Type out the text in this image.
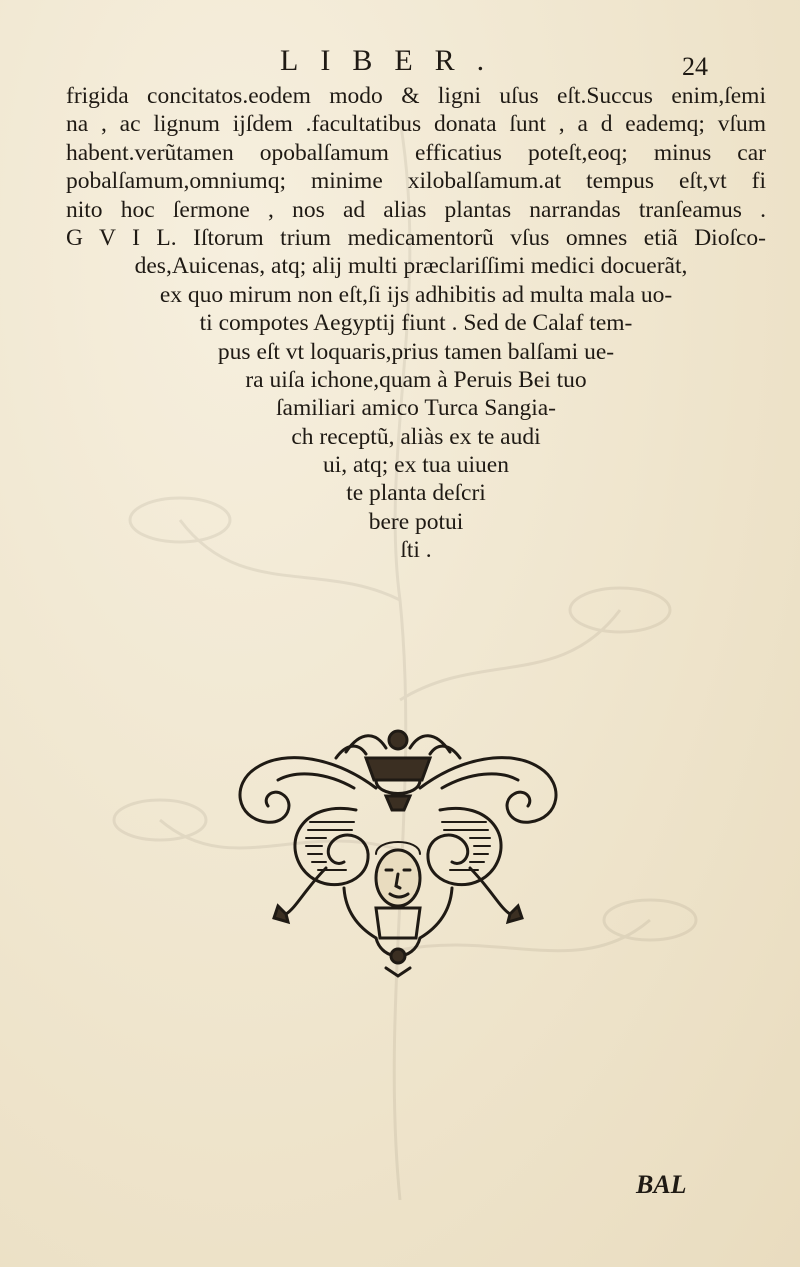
LIBER.	24
frigida concitatos.eodem modo & ligni uſus eſt.Succus enim,ſemi
na , ac lignum ijſdem .facultatibus donata ſunt , a d eademq; vſum
habent.verũtamen opobalſamum efficatius poteſt,eoq; minus car
pobalſamum,omniumq; minime xilobalſamum.at tempus eſt,vt fi
nito hoc ſermone , nos ad alias plantas narrandas tranſeamus .
G V I L. Iſtorum trium medicamentorũ vſus omnes etiã Dioſco-
des,Auicenas, atq; alij multi præclariſſimi medici docuerãt,
ex quo mirum non eſt,ſi ijs adhibitis ad multa mala uo-
ti compotes Aegyptij fiunt . Sed de Calaf tem-
pus eſt vt loquaris,prius tamen balſami ue-
ra uiſa ichone,quam à Peruis Bei tuo
ſamiliari amico Turca Sangia-
ch receptũ, aliàs ex te audi
ui, atq; ex tua uiuen
te planta deſcri
bere potui
ſti .
BAL
